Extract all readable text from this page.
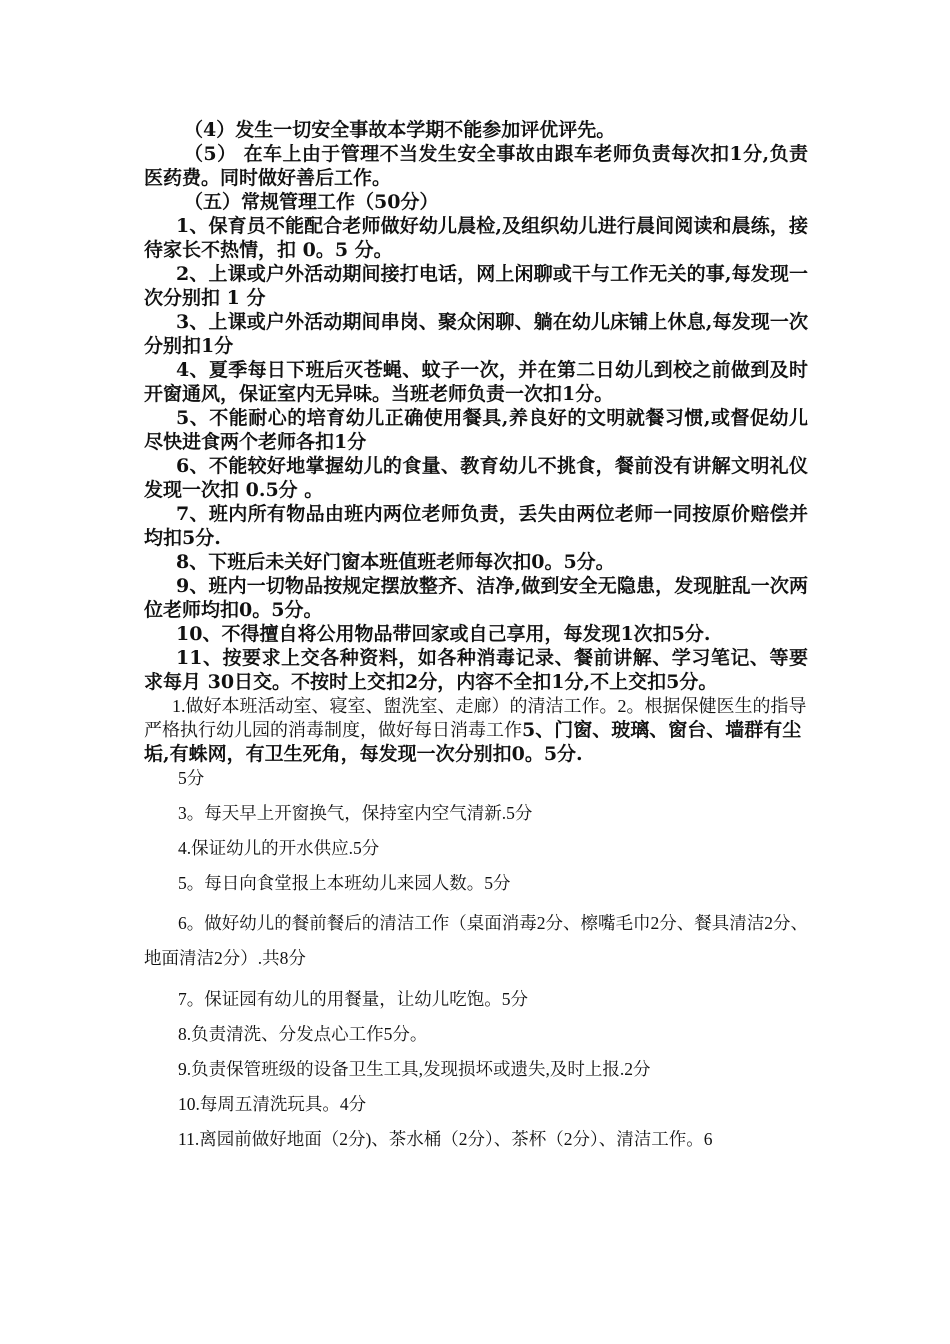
（4）发生一切安全事故本学期不能参加评优评先。

（5） 在车上由于管理不当发生安全事故由跟车老师负责每次扣1分,负责医药费。同时做好善后工作。

（五）常规管理工作（50分）

1、保育员不能配合老师做好幼儿晨检,及组织幼儿进行晨间阅读和晨练，接待家长不热情，扣 0。5 分。

2、上课或户外活动期间接打电话，网上闲聊或干与工作无关的事,每发现一次分别扣 1 分

3、上课或户外活动期间串岗、聚众闲聊、躺在幼儿床铺上休息,每发现一次分别扣1分

4、夏季每日下班后灭苍蝇、蚊子一次，并在第二日幼儿到校之前做到及时开窗通风，保证室内无异味。当班老师负责一次扣1分。

5、不能耐心的培育幼儿正确使用餐具,养良好的文明就餐习惯,或督促幼儿尽快进食两个老师各扣1分

6、不能较好地掌握幼儿的食量、教育幼儿不挑食，餐前没有讲解文明礼仪发现一次扣 0.5分 。

7、班内所有物品由班内两位老师负责，丢失由两位老师一同按原价赔偿并均扣5分.

8、下班后未关好门窗本班值班老师每次扣0。5分。

9、班内一切物品按规定摆放整齐、洁净,做到安全无隐患，发现脏乱一次两位老师均扣0。5分。

10、不得擅自将公用物品带回家或自己享用，每发现1次扣5分.

11、按要求上交各种资料，如各种消毒记录、餐前讲解、学习笔记、等要求每月 30日交。不按时上交扣2分，内容不全扣1分,不上交扣5分。

1.做好本班活动室、寝室、盥洗室、走廊）的清洁工作。2。根据保健医生的指导严格执行幼儿园的消毒制度，做好每日消毒工作5、门窗、玻璃、窗台、墙群有尘垢,有蛛网，有卫生死角，每发现一次分别扣0。5分.

5分

3。每天早上开窗换气，保持室内空气清新.5分

4.保证幼儿的开水供应.5分

5。每日向食堂报上本班幼儿来园人数。5分

6。做好幼儿的餐前餐后的清洁工作（桌面消毒2分、檫嘴毛巾2分、餐具清洁2分、地面清洁2分）.共8分

7。保证园有幼儿的用餐量，让幼儿吃饱。5分

8.负责清洗、分发点心工作5分。

9.负责保管班级的设备卫生工具,发现损坏或遗失,及时上报.2分

10.每周五清洗玩具。4分

11.离园前做好地面（2分)、茶水桶（2分）、茶杯（2分）、清洁工作。6
